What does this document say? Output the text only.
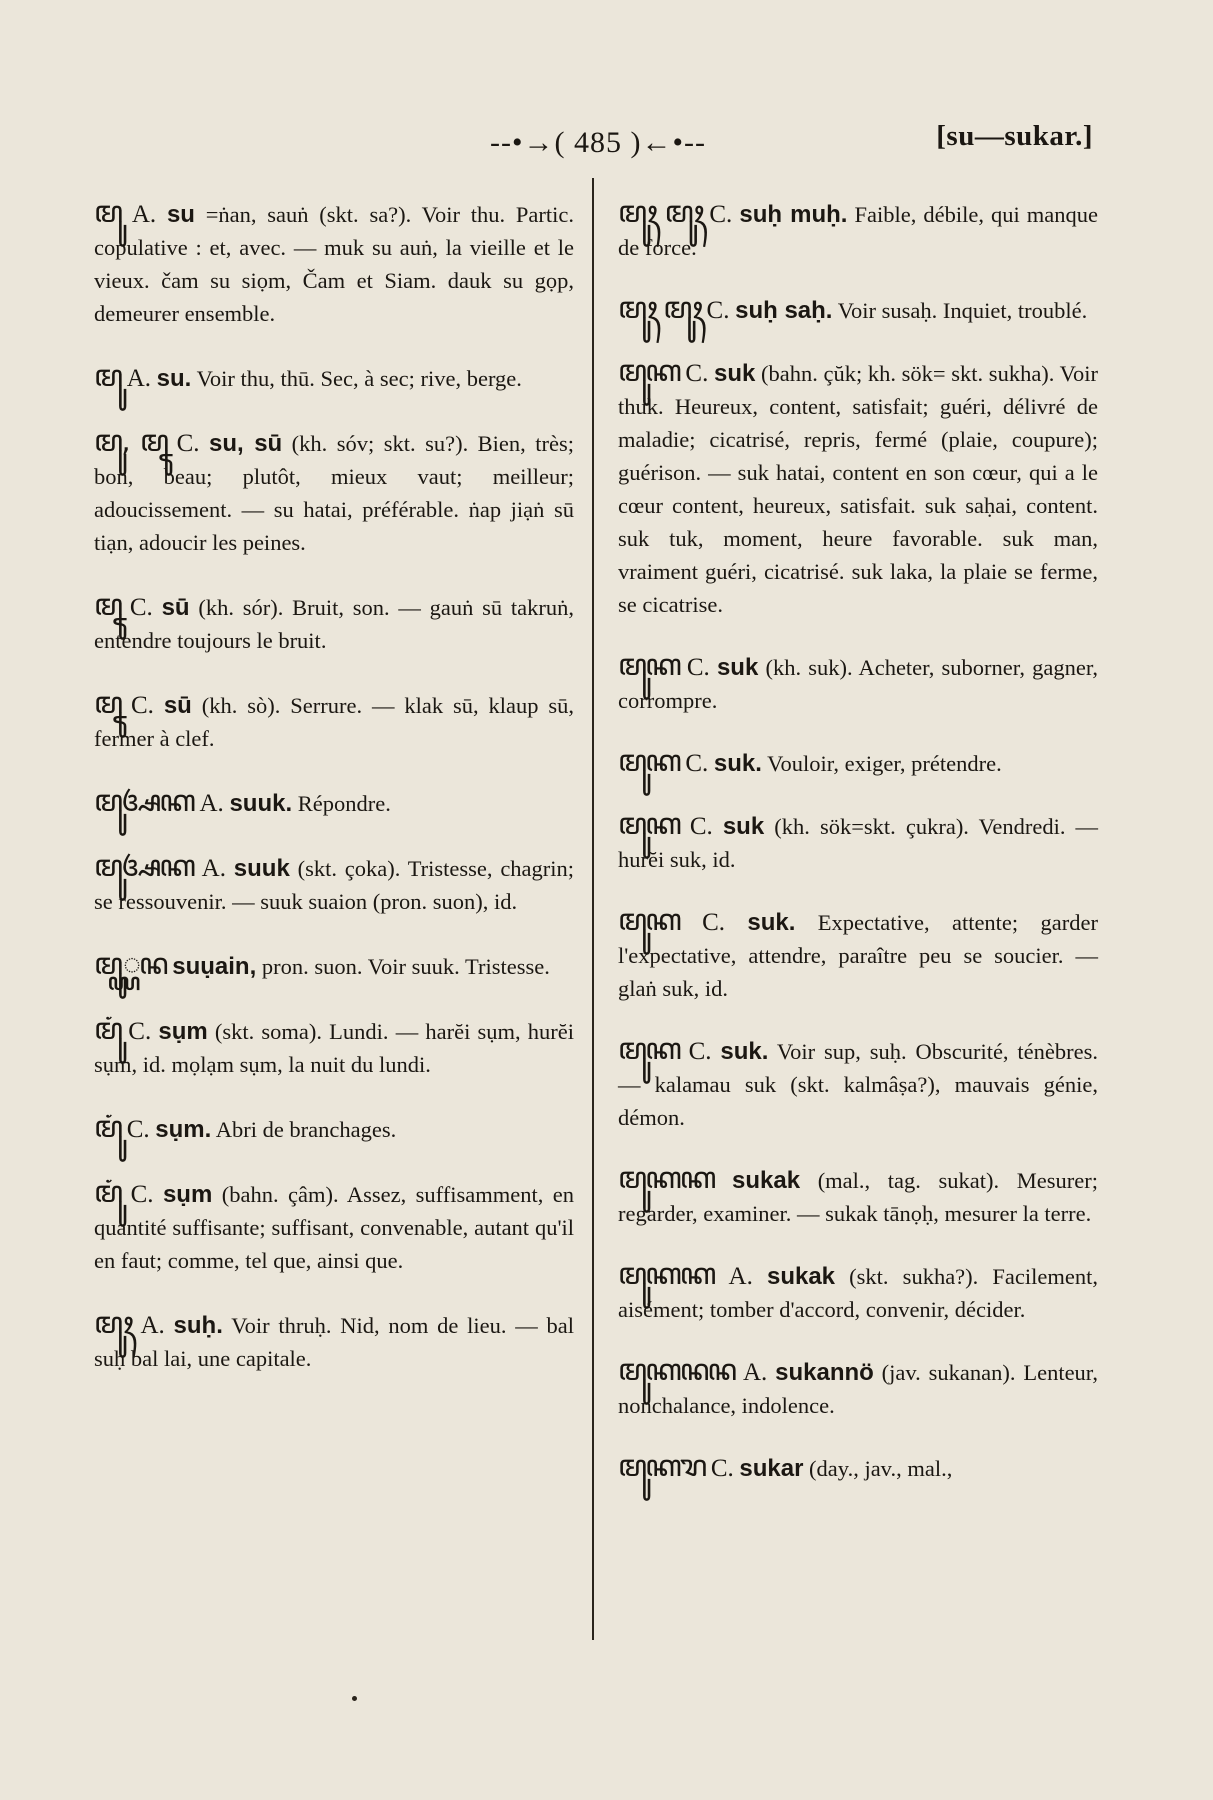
--•→( 485 )←•--	[su—sukar.]
ꦩꦸ A. su =ṅan, sauṅ (skt. sa?). Voir thu. Partic. copulative : et, avec. — muk su auṅ, la vieille et le vieux. čam su siọm, Čam et Siam. dauk su gọp, demeurer ensemble.
ꦩꦸ A. su. Voir thu, thū. Sec, à sec; rive, berge.
ꦩꦸ, ꦩꦹ C. su, sū (kh. sóv; skt. su?). Bien, très; bon, beau; plutôt, mieux vaut; meilleur; adoucissement. — su hatai, préférable. ṅap jiạṅ sū tiạn, adoucir les peines.
ꦩꦹ C. sū (kh. sór). Bruit, son. — gauṅ sū takruṅ, entendre toujours le bruit.
ꦩꦹ C. sū (kh. sò). Serrure. — klak sū, klaup sū, fermer à clef.
ꦩꦸꦄꦏ A. suuk. Répondre.
ꦩꦸꦄꦏ A. suuk (skt. çoka). Tristesse, chagrin; se ressouvenir. — suuk suaion (pron. suon), id.
ꦩꦸ꧀ꦪꦤ suụain, pron. suon. Voir suuk. Tristesse.
ꦩꦸꦁ C. sụm (skt. soma). Lundi. — harĕi sụm, hurĕi sụm, id. mọlạm sụm, la nuit du lundi.
ꦩꦸꦁ C. sụm. Abri de branchages.
ꦩꦸꦁ C. sụm (bahn. çâm). Assez, suffisamment, en quantité suffisante; suffisant, convenable, autant qu'il en faut; comme, tel que, ainsi que.
ꦩꦸꦃ A. suḥ. Voir thruḥ. Nid, nom de lieu. — bal suḥ bal lai, une capitale.
ꦩꦸꦃ ꦩꦸꦃ C. suḥ muḥ. Faible, débile, qui manque de force.
ꦩꦸꦃ ꦩꦸꦃ C. suḥ saḥ. Voir susaḥ. Inquiet, troublé.
ꦩꦸꦏ C. suk (bahn. çŭk; kh. sök= skt. sukha). Voir thuk. Heureux, content, satisfait; guéri, délivré de maladie; cicatrisé, repris, fermé (plaie, coupure); guérison. — suk hatai, content en son cœur, qui a le cœur content, heureux, satisfait. suk saḥai, content. suk tuk, moment, heure favorable. suk man, vraiment guéri, cicatrisé. suk laka, la plaie se ferme, se cicatrise.
ꦩꦸꦏ C. suk (kh. suk). Acheter, suborner, gagner, corrompre.
ꦩꦸꦏ C. suk. Vouloir, exiger, prétendre.
ꦩꦸꦏ C. suk (kh. sök=skt. çukra). Vendredi. — hurĕi suk, id.
ꦩꦸꦏ C. suk. Expectative, attente; garder l'expectative, attendre, paraître peu se soucier. — glaṅ suk, id.
ꦩꦸꦏ C. suk. Voir sup, suḥ. Obscurité, ténèbres. — kalamau suk (skt. kalmâṣa?), mauvais génie, démon.
ꦩꦸꦏꦏ sukak (mal., tag. sukat). Mesurer; regarder, examiner. — sukak tānọḥ, mesurer la terre.
ꦩꦸꦏꦏ A. sukak (skt. sukha?). Facilement, aisément; tomber d'accord, convenir, décider.
ꦩꦸꦏꦤꦤ A. sukannö (jav. sukanan). Lenteur, nonchalance, indolence.
ꦩꦸꦏꦫ C. sukar (day., jav., mal.,
